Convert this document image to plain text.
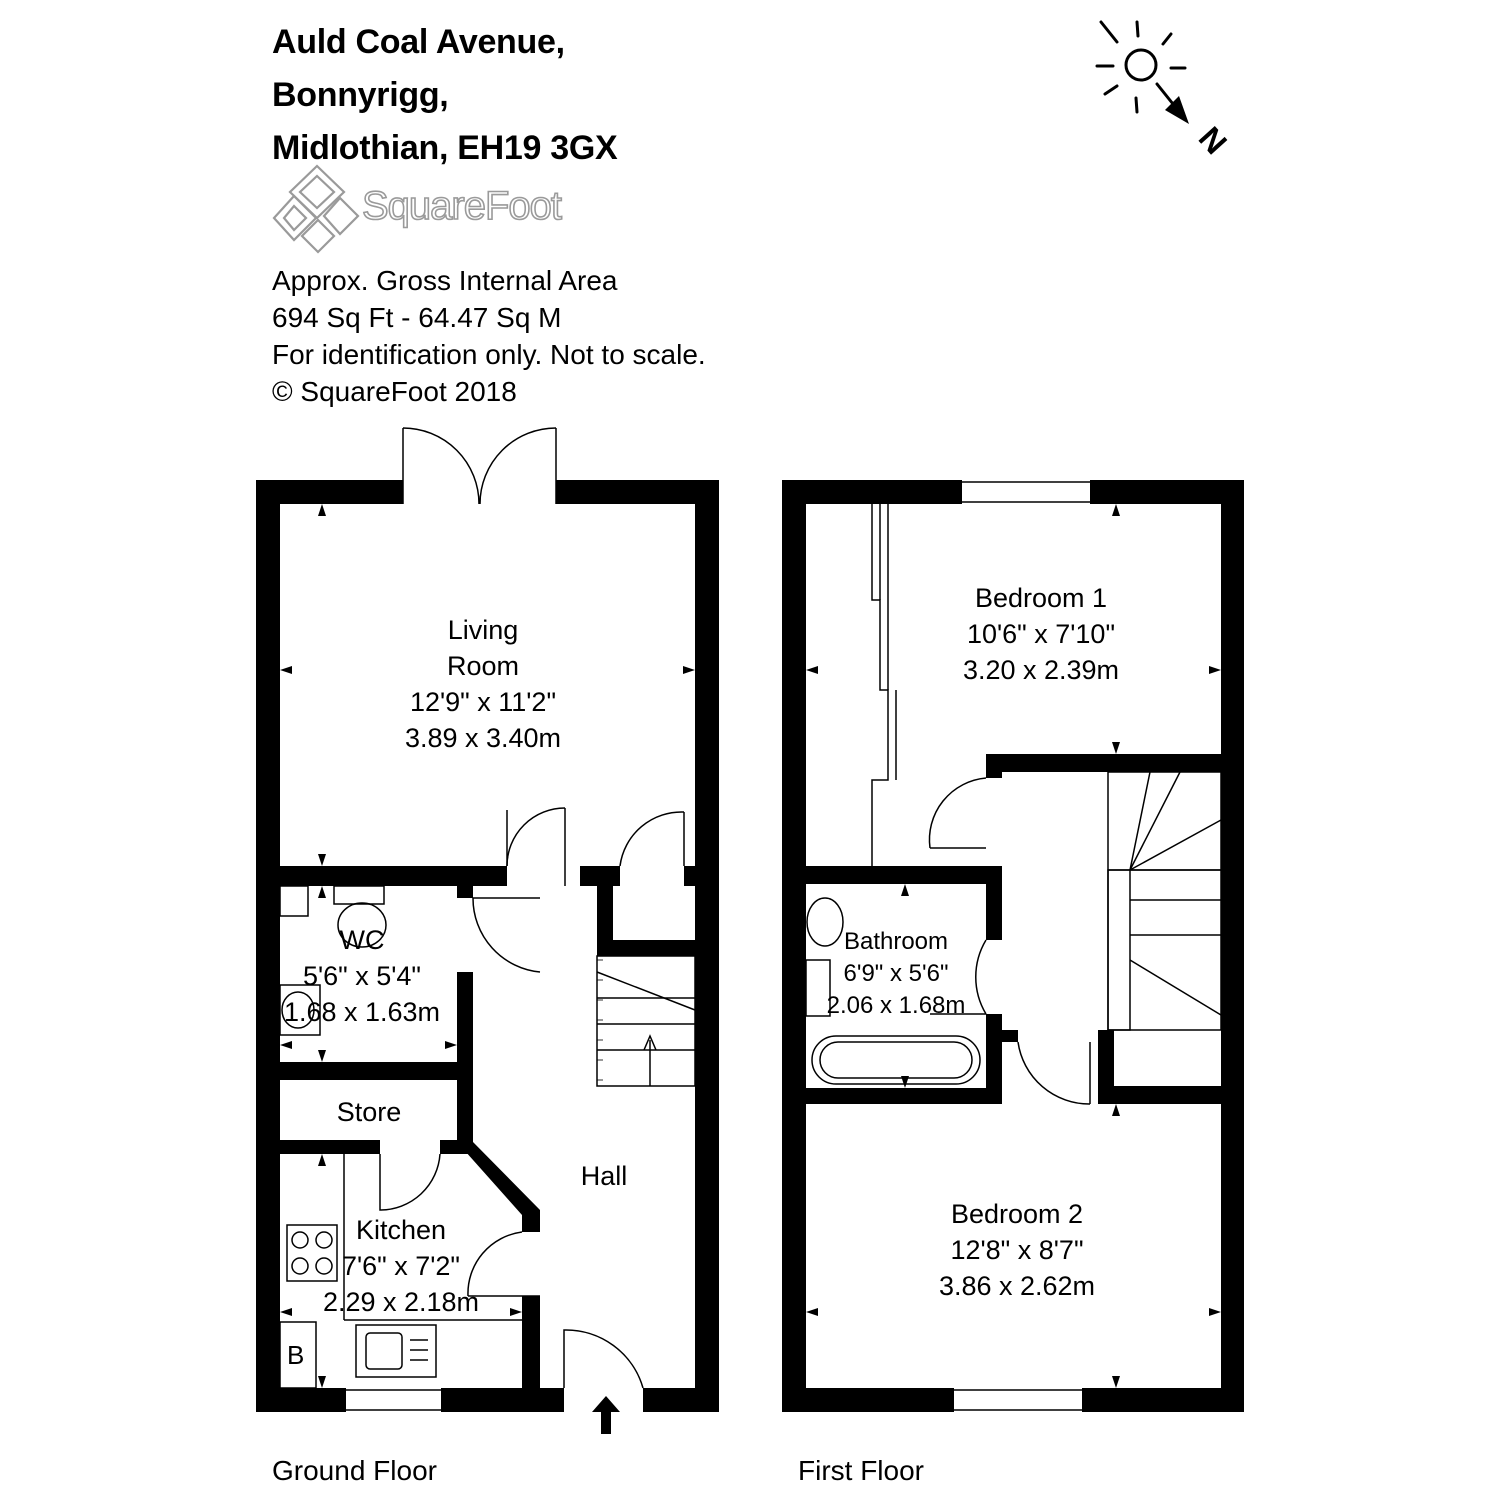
Auld Coal Avenue,
Bonnyrigg,
Midlothian, EH19 3GX
SquareFoot
Approx. Gross Internal Area
694 Sq Ft - 64.47 Sq M
For identification only. Not to scale.
© SquareFoot 2018
N
Living
Room
12'9" x 11'2"
3.89 x 3.40m
WC
5'6" x 5'4"
1.68 x 1.63m
Store
Kitchen
7'6" x 7'2"
2.29 x 2.18m
Hall
B
Bedroom 1
10'6" x 7'10"
3.20 x 2.39m
Bathroom
6'9" x 5'6"
2.06 x 1.68m
Bedroom 2
12'8" x 8'7"
3.86 x 2.62m
Ground Floor	First Floor
